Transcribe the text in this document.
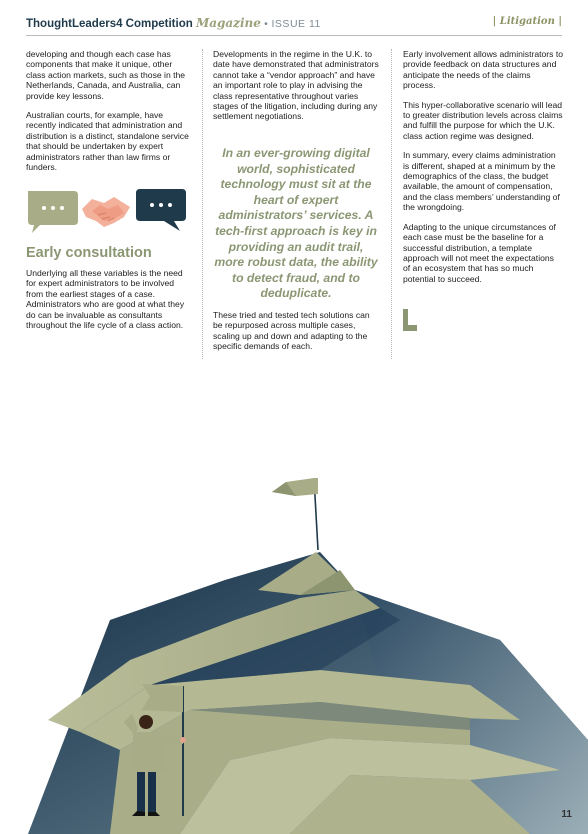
ThoughtLeaders4 Competition Magazine • ISSUE 11	| Litigation |

developing and though each case has components that make it unique, other class action markets, such as those in the Netherlands, Canada, and Australia, can provide key lessons.

Australian courts, for example, have recently indicated that administration and distribution is a distinct, standalone service that should be undertaken by expert administrators rather than law firms or funders.

Early consultation

Underlying all these variables is the need for expert administrators to be involved from the earliest stages of a case. Administrators who are good at what they do can be invaluable as consultants throughout the life cycle of a class action.

Developments in the regime in the U.K. to date have demonstrated that administrators cannot take a “vendor approach” and have an important role to play in advising the class representative throughout varies stages of the litigation, including during any settlement negotiations.

In an ever-growing digital world, sophisticated technology must sit at the heart of expert administrators’ services. A tech-first approach is key in providing an audit trail, more robust data, the ability to detect fraud, and to deduplicate.

These tried and tested tech solutions can be repurposed across multiple cases, scaling up and down and adapting to the specific demands of each.

Early involvement allows administrators to provide feedback on data structures and anticipate the needs of the claims process.

This hyper-collaborative scenario will lead to greater distribution levels across claims and fulfill the purpose for which the U.K. class action regime was designed.

In summary, every claims administration is different, shaped at a minimum by the demographics of the class, the budget available, the amount of compensation, and the class members’ understanding of the wrongdoing.

Adapting to the unique circumstances of each case must be the baseline for a successful distribution, a template approach will not meet the expectations of an ecosystem that has so much potential to succeed.

11
